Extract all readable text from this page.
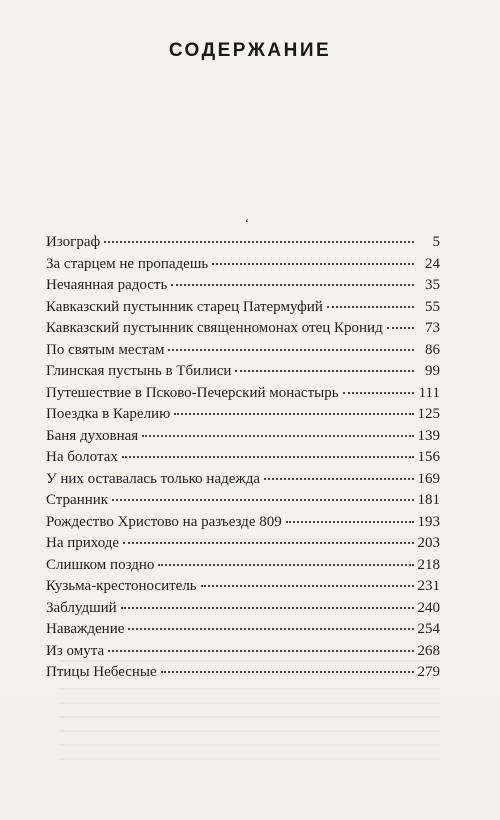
СОДЕРЖАНИЕ
‘
Изограф	5
За старцем не пропадешь	24
Нечаянная радость	35
Кавказский пустынник старец Патермуфий	55
Кавказский пустынник священномонах отец Кронид	73
По святым местам	86
Глинская пустынь в Тбилиси	99
Путешествие в Псково-Печерский монастырь	111
Поездка в Карелию	125
Баня духовная	139
На болотах	156
У них оставалась только надежда	169
Странник	181
Рождество Христово на разъезде 809	193
На приходе	203
Слишком поздно	218
Кузьма-крестоноситель	231
Заблудший	240
Наваждение	254
Из омута	268
Птицы Небесные	279
